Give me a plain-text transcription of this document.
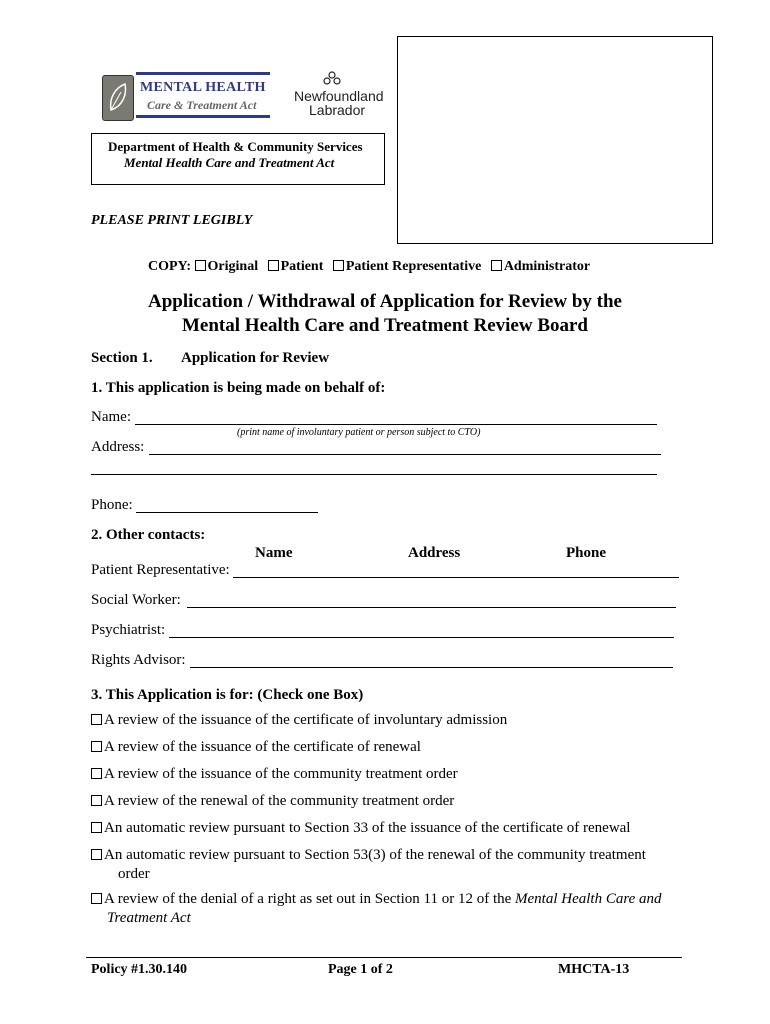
MENTAL HEALTH
Care & Treatment Act
Newfoundland
Labrador
Department of Health & Community Services
Mental Health Care and Treatment Act
PLEASE PRINT LEGIBLY
COPY: Original Patient Patient Representative Administrator
Application / Withdrawal of Application for Review by the
Mental Health Care and Treatment Review Board
Section 1. Application for Review
1. This application is being made on behalf of:
Name:
(print name of involuntary patient or person subject to CTO)
Address:
Phone:
2. Other contacts:
Name	Address	Phone
Patient Representative:
Social Worker:
Psychiatrist:
Rights Advisor:
3. This Application is for: (Check one Box)
A review of the issuance of the certificate of involuntary admission
A review of the issuance of the certificate of renewal
A review of the issuance of the community treatment order
A review of the renewal of the community treatment order
An automatic review pursuant to Section 33 of the issuance of the certificate of renewal
An automatic review pursuant to Section 53(3) of the renewal of the community treatment
order
A review of the denial of a right as set out in Section 11 or 12 of the Mental Health Care and
Treatment Act
Policy #1.30.140	Page 1 of 2	MHCTA-13
